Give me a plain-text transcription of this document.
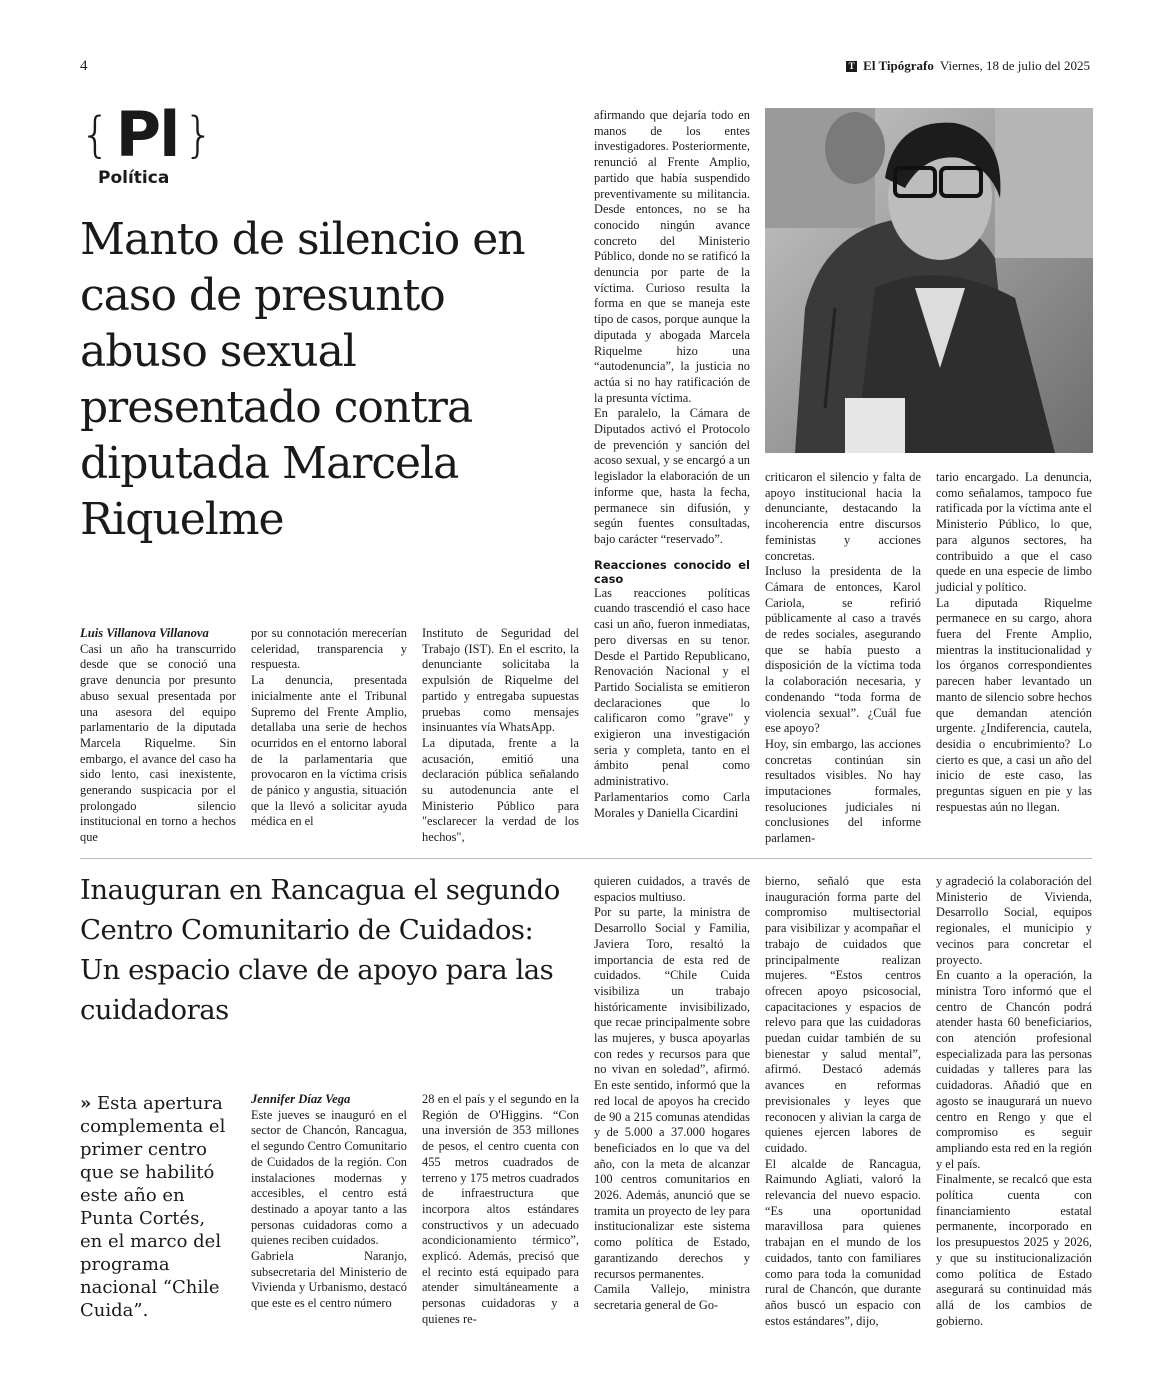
4	T El Tipógrafo Viernes, 18 de julio del 2025
{ Pl }
Política
Manto de silencio en caso de presunto abuso sexual presentado contra diputada Marcela Riquelme

Luis Villanova Villanova

Casi un año ha transcurrido desde que se conoció una grave denuncia por presunto abuso sexual presentada por una asesora del equipo parlamentario de la diputada Marcela Riquelme. Sin embargo, el avance del caso ha sido lento, casi inexistente, generando suspicacia por el prolongado silencio institucional en torno a hechos que

por su connotación merecerían celeridad, transparencia y respuesta.

La denuncia, presentada inicialmente ante el Tribunal Supremo del Frente Amplio, detallaba una serie de hechos ocurridos en el entorno laboral de la parlamentaria que provocaron en la víctima crisis de pánico y angustia, situación que la llevó a solicitar ayuda médica en el

Instituto de Seguridad del Trabajo (IST). En el escrito, la denunciante solicitaba la expulsión de Riquelme del partido y entregaba supuestas pruebas como mensajes insinuantes vía WhatsApp.

La diputada, frente a la acusación, emitió una declaración pública señalando su autodenuncia ante el Ministerio Público para "esclarecer la verdad de los hechos",

afirmando que dejaría todo en manos de los entes investigadores. Posteriormente, renunció al Frente Amplio, partido que había suspendido preventivamente su militancia. Desde entonces, no se ha conocido ningún avance concreto del Ministerio Público, donde no se ratificó la denuncia por parte de la víctima. Curioso resulta la forma en que se maneja este tipo de casos, porque aunque la diputada y abogada Marcela Riquelme hizo una “autodenuncia”, la justicia no actúa si no hay ratificación de la presunta víctima.

En paralelo, la Cámara de Diputados activó el Protocolo de prevención y sanción del acoso sexual, y se encargó a un legislador la elaboración de un informe que, hasta la fecha, permanece sin difusión, y según fuentes consultadas, bajo carácter “reservado”.

Reacciones conocido el caso

Las reacciones políticas cuando trascendió el caso hace casi un año, fueron inmediatas, pero diversas en su tenor. Desde el Partido Republicano, Renovación Nacional y el Partido Socialista se emitieron declaraciones que lo calificaron como "grave" y exigieron una investigación seria y completa, tanto en el ámbito penal como administrativo.

Parlamentarios como Carla Morales y Daniella Cicardini

criticaron el silencio y falta de apoyo institucional hacia la denunciante, destacando la incoherencia entre discursos feministas y acciones concretas.

Incluso la presidenta de la Cámara de entonces, Karol Cariola, se refirió públicamente al caso a través de redes sociales, asegurando que se había puesto a disposición de la víctima toda la colaboración necesaria, y condenando “toda forma de violencia sexual”. ¿Cuál fue ese apoyo?

Hoy, sin embargo, las acciones concretas continúan sin resultados visibles. No hay imputaciones formales, resoluciones judiciales ni conclusiones del informe parlamen-

tario encargado. La denuncia, como señalamos, tampoco fue ratificada por la víctima ante el Ministerio Público, lo que, para algunos sectores, ha contribuido a que el caso quede en una especie de limbo judicial y político.

La diputada Riquelme permanece en su cargo, ahora fuera del Frente Amplio, mientras la institucionalidad y los órganos correspondientes parecen haber levantado un manto de silencio sobre hechos que demandan atención urgente. ¿Indiferencia, cautela, desidia o encubrimiento? Lo cierto es que, a casi un año del inicio de este caso, las preguntas siguen en pie y las respuestas aún no llegan.

Inauguran en Rancagua el segundo Centro Comunitario de Cuidados: Un espacio clave de apoyo para las cuidadoras
» Esta apertura complementa el primer centro que se habilitó este año en Punta Cortés, en el marco del programa nacional “Chile Cuida”.

Jennifer Díaz Vega

Este jueves se inauguró en el sector de Chancón, Rancagua, el segundo Centro Comunitario de Cuidados de la región. Con instalaciones modernas y accesibles, el centro está destinado a apoyar tanto a las personas cuidadoras como a quienes reciben cuidados.

Gabriela Naranjo, subsecretaria del Ministerio de Vivienda y Urbanismo, destacó que este es el centro número

28 en el país y el segundo en la Región de O'Higgins. “Con una inversión de 353 millones de pesos, el centro cuenta con 455 metros cuadrados de terreno y 175 metros cuadrados de infraestructura que incorpora altos estándares constructivos y un adecuado acondicionamiento térmico”, explicó. Además, precisó que el recinto está equipado para atender simultáneamente a personas cuidadoras y a quienes re-

quieren cuidados, a través de espacios multiuso.

Por su parte, la ministra de Desarrollo Social y Familia, Javiera Toro, resaltó la importancia de esta red de cuidados. “Chile Cuida visibiliza un trabajo históricamente invisibilizado, que recae principalmente sobre las mujeres, y busca apoyarlas con redes y recursos para que no vivan en soledad”, afirmó. En este sentido, informó que la red local de apoyos ha crecido de 90 a 215 comunas atendidas y de 5.000 a 37.000 hogares beneficiados en lo que va del año, con la meta de alcanzar 100 centros comunitarios en 2026. Además, anunció que se tramita un proyecto de ley para institucionalizar este sistema como política de Estado, garantizando derechos y recursos permanentes.

Camila Vallejo, ministra secretaria general de Go-

bierno, señaló que esta inauguración forma parte del compromiso multisectorial para visibilizar y acompañar el trabajo de cuidados que principalmente realizan mujeres. “Estos centros ofrecen apoyo psicosocial, capacitaciones y espacios de relevo para que las cuidadoras puedan cuidar también de su bienestar y salud mental”, afirmó. Destacó además avances en reformas previsionales y leyes que reconocen y alivian la carga de quienes ejercen labores de cuidado.

El alcalde de Rancagua, Raimundo Agliati, valoró la relevancia del nuevo espacio. “Es una oportunidad maravillosa para quienes trabajan en el mundo de los cuidados, tanto con familiares como para toda la comunidad rural de Chancón, que durante años buscó un espacio con estos estándares”, dijo,

y agradeció la colaboración del Ministerio de Vivienda, Desarrollo Social, equipos regionales, el municipio y vecinos para concretar el proyecto.

En cuanto a la operación, la ministra Toro informó que el centro de Chancón podrá atender hasta 60 beneficiarios, con atención profesional especializada para las personas cuidadas y talleres para las cuidadoras. Añadió que en agosto se inaugurará un nuevo centro en Rengo y que el compromiso es seguir ampliando esta red en la región y el país.

Finalmente, se recalcó que esta política cuenta con financiamiento estatal permanente, incorporado en los presupuestos 2025 y 2026, y que su institucionalización como política de Estado asegurará su continuidad más allá de los cambios de gobierno.
